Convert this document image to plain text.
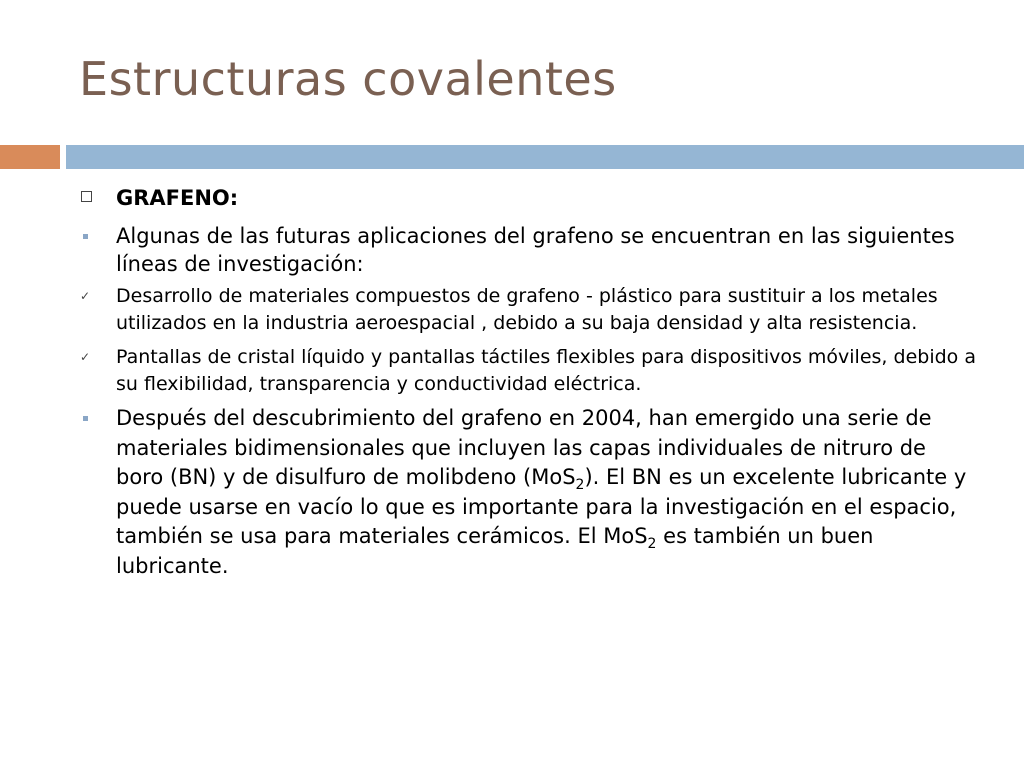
Estructuras covalentes
GRAFENO:
Algunas de las futuras aplicaciones del grafeno se encuentran en las siguientes líneas de investigación:
✓ Desarrollo de materiales compuestos de grafeno - plástico para sustituir a los metales utilizados en la industria aeroespacial , debido a su baja densidad y alta resistencia.
✓ Pantallas de cristal líquido y pantallas táctiles flexibles para dispositivos móviles, debido a su flexibilidad, transparencia y conductividad eléctrica.
Después del descubrimiento del grafeno en 2004, han emergido una serie de materiales bidimensionales que incluyen las capas individuales de nitruro de boro (BN) y de disulfuro de molibdeno (MoS$_2$). El BN es un excelente lubricante y puede usarse en vacío lo que es importante para la investigación en el espacio, también se usa para materiales cerámicos. El MoS$_2$ es también un buen lubricante.
